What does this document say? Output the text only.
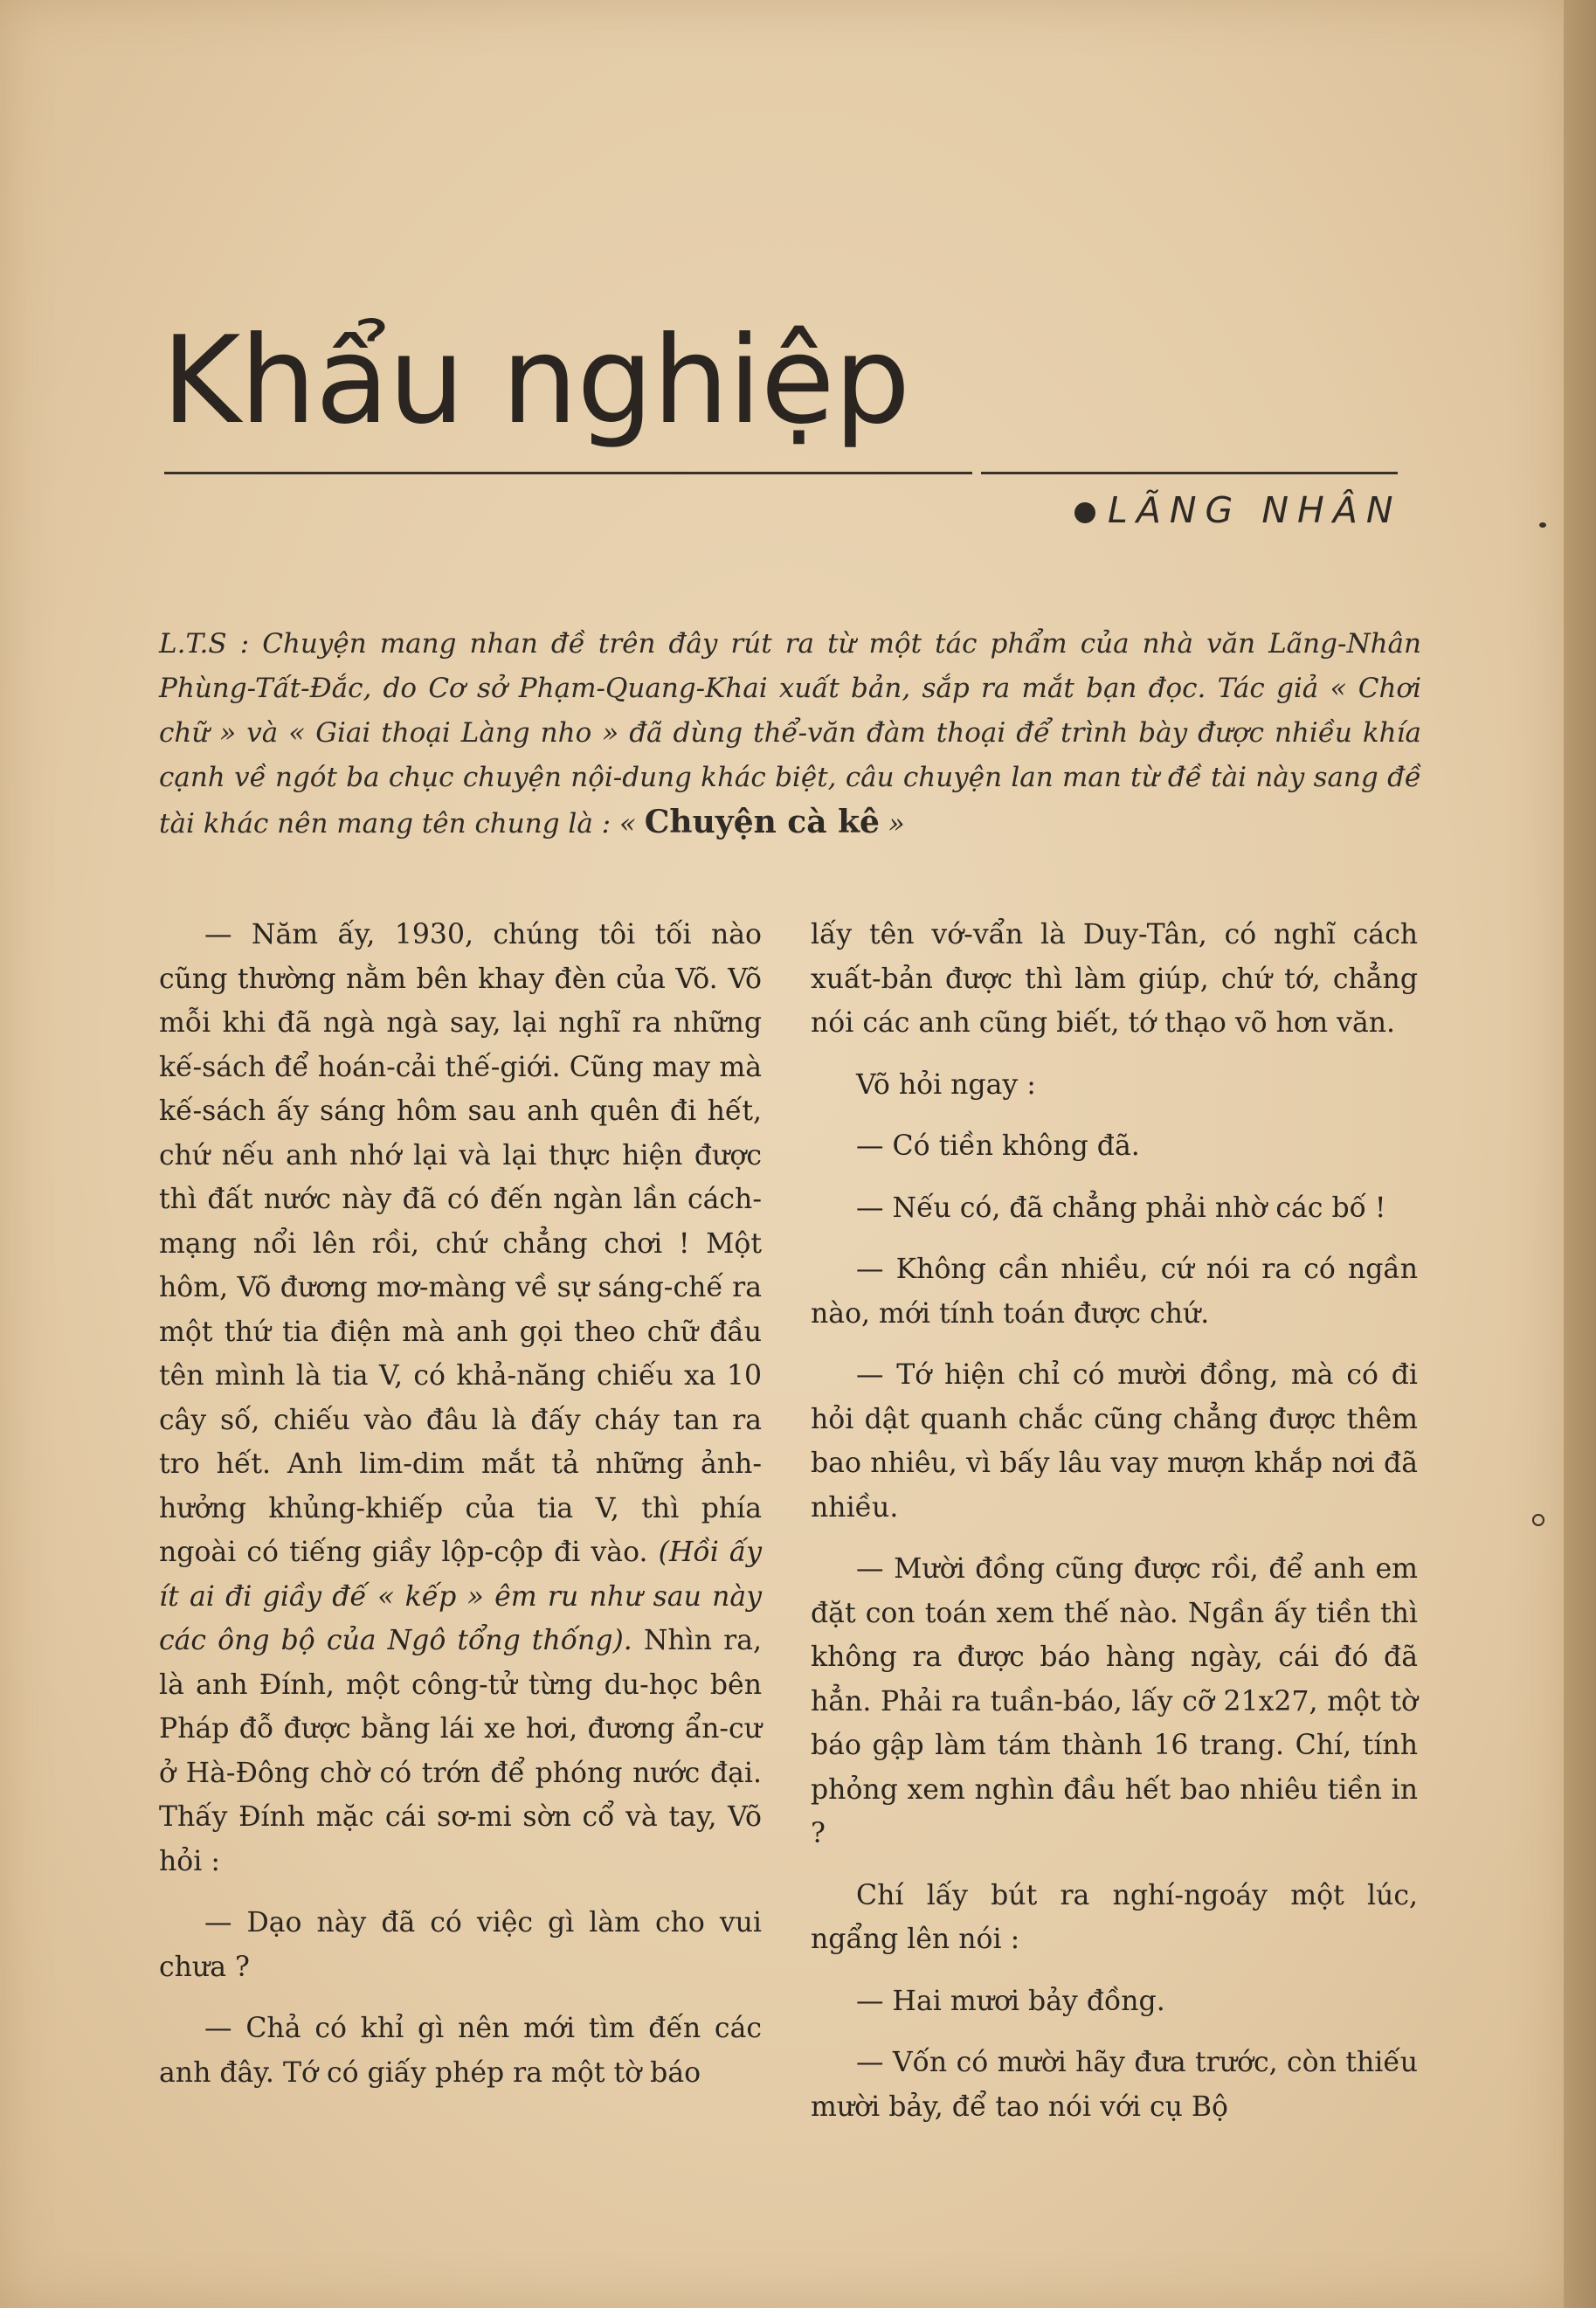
Khẩu nghiệp
LÃNG NHÂN
L.T.S : Chuyện mang nhan đề trên đây rút ra từ một tác phẩm của nhà văn Lãng-Nhân Phùng-Tất-Đắc, do Cơ sở Phạm-Quang-Khai xuất bản, sắp ra mắt bạn đọc. Tác giả « Chơi chữ » và « Giai thoại Làng nho » đã dùng thể-văn đàm thoại để trình bày được nhiều khía cạnh về ngót ba chục chuyện nội-dung khác biệt, câu chuyện lan man từ đề tài này sang đề tài khác nên mang tên chung là : « Chuyện cà kê »

— Năm ấy, 1930, chúng tôi tối nào cũng thường nằm bên khay đèn của Võ. Võ mỗi khi đã ngà ngà say, lại nghĩ ra những kế-sách để hoán-cải thế-giới. Cũng may mà kế-sách ấy sáng hôm sau anh quên đi hết, chứ nếu anh nhớ lại và lại thực hiện được thì đất nước này đã có đến ngàn lần cách-mạng nổi lên rồi, chứ chẳng chơi ! Một hôm, Võ đương mơ-màng về sự sáng-chế ra một thứ tia điện mà anh gọi theo chữ đầu tên mình là tia V, có khả-năng chiếu xa 10 cây số, chiếu vào đâu là đấy cháy tan ra tro hết. Anh lim-dim mắt tả những ảnh-hưởng khủng-khiếp của tia V, thì phía ngoài có tiếng giầy lộp-cộp đi vào. (Hồi ấy ít ai đi giầy đế « kếp » êm ru như sau này các ông bộ của Ngô tổng thống). Nhìn ra, là anh Đính, một công-tử từng du-học bên Pháp đỗ được bằng lái xe hơi, đương ẩn-cư ở Hà-Đông chờ có trớn để phóng nước đại. Thấy Đính mặc cái sơ-mi sờn cổ và tay, Võ hỏi :

— Dạo này đã có việc gì làm cho vui chưa ?

— Chả có khỉ gì nên mới tìm đến các anh đây. Tớ có giấy phép ra một tờ báo

lấy tên vớ-vẩn là Duy-Tân, có nghĩ cách xuất-bản được thì làm giúp, chứ tớ, chẳng nói các anh cũng biết, tớ thạo võ hơn văn.

Võ hỏi ngay :

— Có tiền không đã.

— Nếu có, đã chẳng phải nhờ các bố !

— Không cần nhiều, cứ nói ra có ngần nào, mới tính toán được chứ.

— Tớ hiện chỉ có mười đồng, mà có đi hỏi dật quanh chắc cũng chẳng được thêm bao nhiêu, vì bấy lâu vay mượn khắp nơi đã nhiều.

— Mười đồng cũng được rồi, để anh em đặt con toán xem thế nào. Ngần ấy tiền thì không ra được báo hàng ngày, cái đó đã hẳn. Phải ra tuần-báo, lấy cỡ 21x27, một tờ báo gập làm tám thành 16 trang. Chí, tính phỏng xem nghìn đầu hết bao nhiêu tiền in ?

Chí lấy bút ra nghí-ngoáy một lúc, ngẩng lên nói :

— Hai mươi bảy đồng.

— Vốn có mười hãy đưa trước, còn thiếu mười bảy, để tao nói với cụ Bộ
